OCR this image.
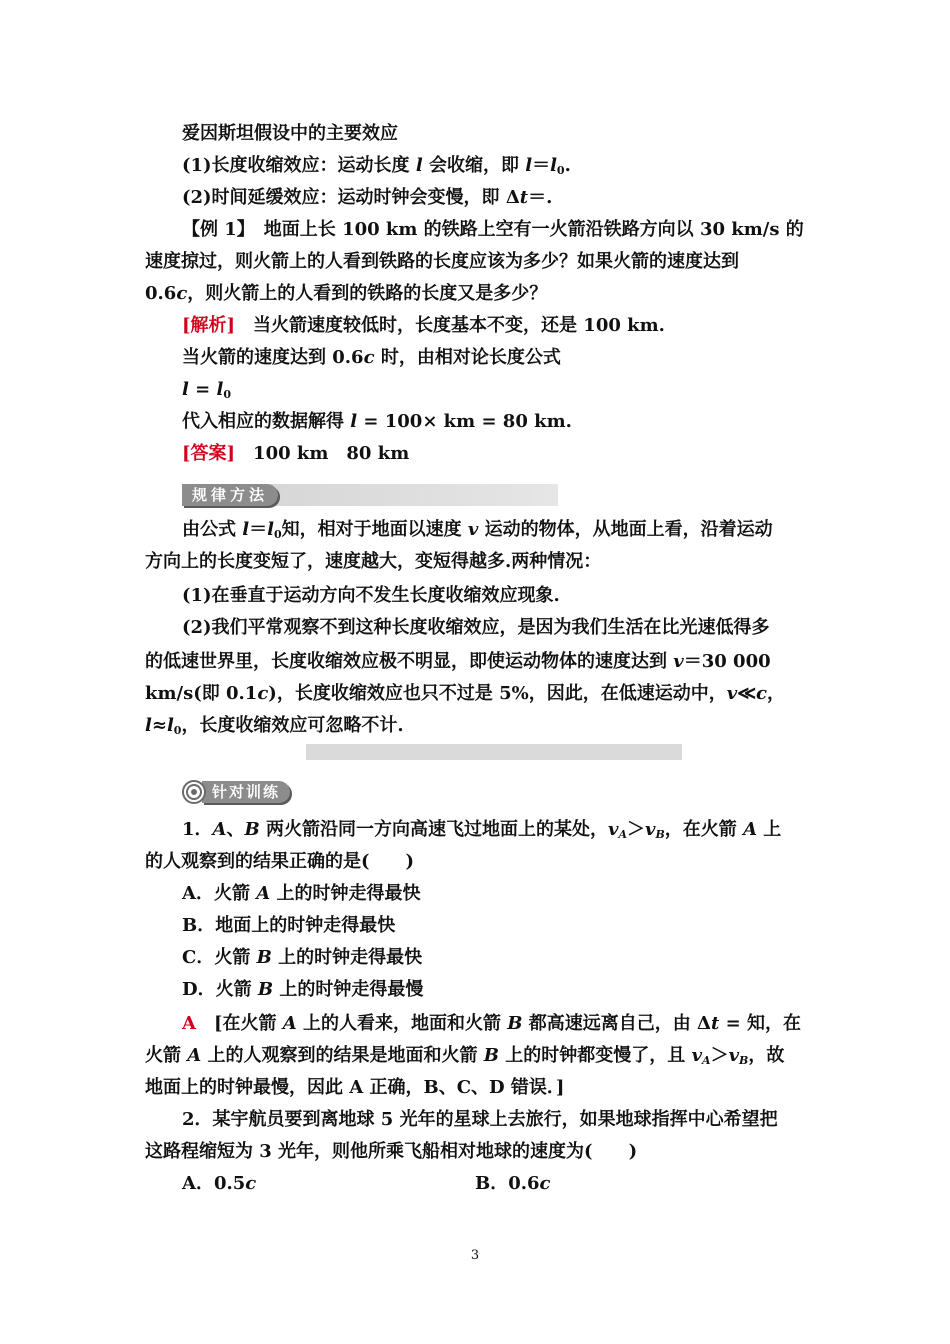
爱因斯坦假设中的主要效应
(1)长度收缩效应：运动长度 l 会收缩，即 $l=l_0$.
(2)时间延缓效应：运动时钟会变慢，即 Δt＝.
【例 1】　地面上长 100 km 的铁路上空有一火箭沿铁路方向以 30 km/s 的
速度掠过，则火箭上的人看到铁路的长度应该为多少？如果火箭的速度达到
0.6c，则火箭上的人看到的铁路的长度又是多少？
[解析]　当火箭速度较低时，长度基本不变，还是 100 km.
当火箭的速度达到 0.6c 时，由相对论长度公式
$l = l_0$
代入相应的数据解得 l = 100× km = 80 km.
[答案]　100 km　80 km
规律方法
由公式 $l=l_0$知，相对于地面以速度 v 运动的物体，从地面上看，沿着运动
方向上的长度变短了，速度越大，变短得越多.两种情况：
(1)在垂直于运动方向不发生长度收缩效应现象.
(2)我们平常观察不到这种长度收缩效应，是因为我们生活在比光速低得多
的低速世界里，长度收缩效应极不明显，即使运动物体的速度达到 v＝30 000
km/s(即 0.1c)，长度收缩效应也只不过是 5%，因此，在低速运动中，v≪c，
$l\approx l_0$，长度收缩效应可忽略不计.
针对训练
1．A、B 两火箭沿同一方向高速飞过地面上的某处，$v_A>v_B$，在火箭 A 上
的人观察到的结果正确的是(　　)
A．火箭 A 上的时钟走得最快
B．地面上的时钟走得最快
C．火箭 B 上的时钟走得最快
D．火箭 B 上的时钟走得最慢
A　[在火箭 A 上的人看来，地面和火箭 B 都高速远离自己，由 Δt = 知，在
火箭 A 上的人观察到的结果是地面和火箭 B 上的时钟都变慢了，且 $v_A>v_B$，故
地面上的时钟最慢，因此 A 正确，B、C、D 错误．]
2．某宇航员要到离地球 5 光年的星球上去旅行，如果地球指挥中心希望把
这路程缩短为 3 光年，则他所乘飞船相对地球的速度为(　　)
A．0.5c	B．0.6c
3
